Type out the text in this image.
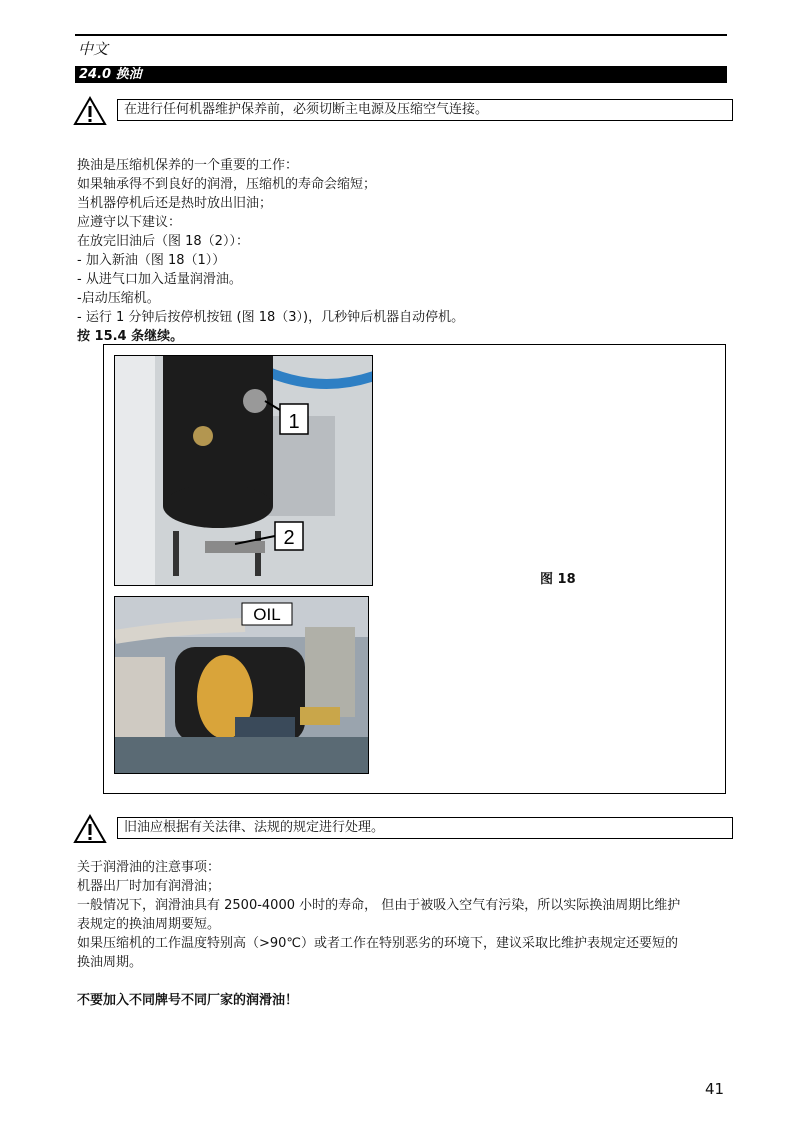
中文
24.0 换油
在进行任何机器维护保养前，必须切断主电源及压缩空气连接。
换油是压缩机保养的一个重要的工作：
如果轴承得不到良好的润滑，压缩机的寿命会缩短；
当机器停机后还是热时放出旧油；
应遵守以下建议：
在放完旧油后（图 18（2））：
- 加入新油（图 18（1））
- 从进气口加入适量润滑油。
-启动压缩机。
- 运行 1 分钟后按停机按钮 (图 18（3）)，几秒钟后机器自动停机。
按 15.4 条继续。
1
2
OIL
图 18
旧油应根据有关法律、法规的规定进行处理。
关于润滑油的注意事项：
机器出厂时加有润滑油；
一般情况下，润滑油具有 2500-4000 小时的寿命， 但由于被吸入空气有污染，所以实际换油周期比维护
表规定的换油周期要短。
如果压缩机的工作温度特别高（>90℃）或者工作在特别恶劣的环境下，建议采取比维护表规定还要短的
换油周期。
不要加入不同牌号不同厂家的润滑油！
41
